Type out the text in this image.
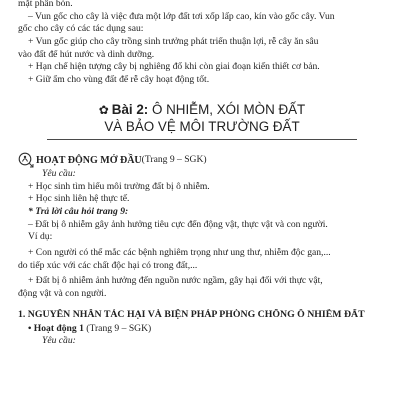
mặt phân bón.

– Vun gốc cho cây là việc đưa một lớp đất tơi xốp lấp cao, kín vào gốc cây. Vun

gốc cho cây có các tác dụng sau:

+ Vun gốc giúp cho cây trồng sinh trưởng phát triển thuận lợi, rễ cây ăn sâu

vào đất để hút nước và dinh dưỡng.

+ Hạn chế hiện tượng cây bị nghiêng đổ khi còn giai đoạn kiến thiết cơ bản.

+ Giữ ẩm cho vùng đất để rễ cây hoạt động tốt.

✿ Bài 2: Ô NHIỄM, XÓI MÒN ĐẤT
VÀ BẢO VỆ MÔI TRƯỜNG ĐẤT
HOẠT ĐỘNG MỞ ĐẦU (Trang 9 – SGK)

Yêu cầu:

+ Học sinh tìm hiểu môi trường đất bị ô nhiễm.

+ Học sinh liên hệ thực tế.

* Trả lời câu hỏi trang 9:

– Đất bị ô nhiễm gây ảnh hưởng tiêu cực đến động vật, thực vật và con người.

Ví dụ:

+ Con người có thể mắc các bệnh nghiêm trọng như ung thư, nhiễm độc gan,...

do tiếp xúc với các chất độc hại có trong đất,...

+ Đất bị ô nhiễm ảnh hưởng đến nguồn nước ngầm, gây hại đối với thực vật,

động vật và con người.

1. NGUYÊN NHÂN TÁC HẠI VÀ BIỆN PHÁP PHÒNG CHỐNG Ô NHIỄM ĐẤT

• Hoạt động 1 (Trang 9 – SGK)

Yêu cầu:
